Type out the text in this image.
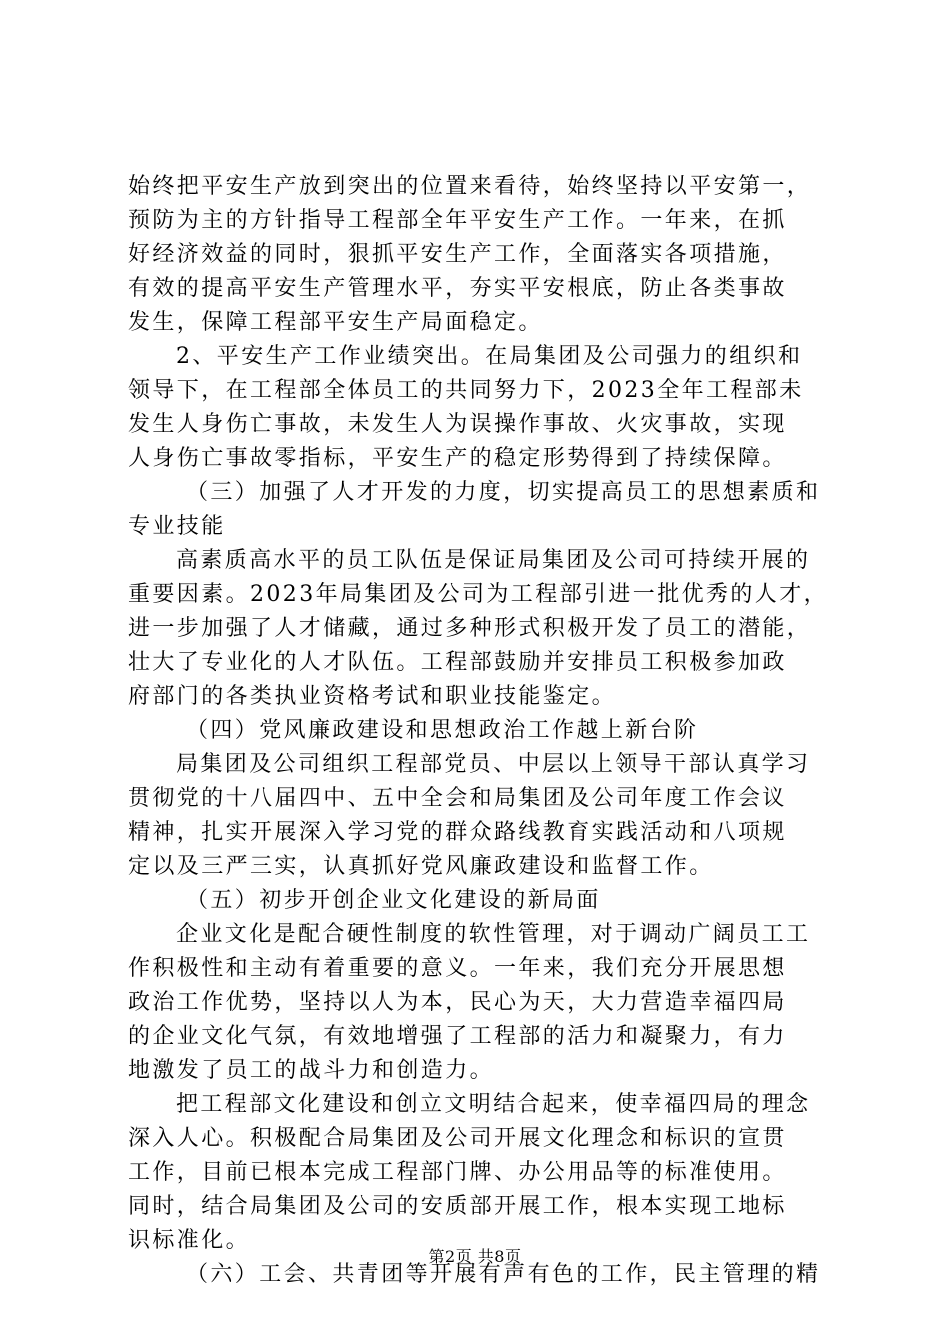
始终把平安生产放到突出的位置来看待，始终坚持以平安第一，
预防为主的方针指导工程部全年平安生产工作。一年来，在抓
好经济效益的同时，狠抓平安生产工作，全面落实各项措施，
有效的提高平安生产管理水平，夯实平安根底，防止各类事故
发生，保障工程部平安生产局面稳定。
2、平安生产工作业绩突出。在局集团及公司强力的组织和
领导下，在工程部全体员工的共同努力下，2023全年工程部未
发生人身伤亡事故，未发生人为误操作事故、火灾事故，实现
人身伤亡事故零指标，平安生产的稳定形势得到了持续保障。
（三）加强了人才开发的力度，切实提高员工的思想素质和
专业技能
高素质高水平的员工队伍是保证局集团及公司可持续开展的
重要因素。2023年局集团及公司为工程部引进一批优秀的人才，
进一步加强了人才储藏，通过多种形式积极开发了员工的潜能，
壮大了专业化的人才队伍。工程部鼓励并安排员工积极参加政
府部门的各类执业资格考试和职业技能鉴定。
（四）党风廉政建设和思想政治工作越上新台阶
局集团及公司组织工程部党员、中层以上领导干部认真学习
贯彻党的十八届四中、五中全会和局集团及公司年度工作会议
精神，扎实开展深入学习党的群众路线教育实践活动和八项规
定以及三严三实，认真抓好党风廉政建设和监督工作。
（五）初步开创企业文化建设的新局面
企业文化是配合硬性制度的软性管理，对于调动广阔员工工
作积极性和主动有着重要的意义。一年来，我们充分开展思想
政治工作优势，坚持以人为本，民心为天，大力营造幸福四局
的企业文化气氛，有效地增强了工程部的活力和凝聚力，有力
地激发了员工的战斗力和创造力。
把工程部文化建设和创立文明结合起来，使幸福四局的理念
深入人心。积极配合局集团及公司开展文化理念和标识的宣贯
工作，目前已根本完成工程部门牌、办公用品等的标准使用。
同时，结合局集团及公司的安质部开展工作，根本实现工地标
识标准化。
（六）工会、共青团等开展有声有色的工作，民主管理的精
第2页 共8页
